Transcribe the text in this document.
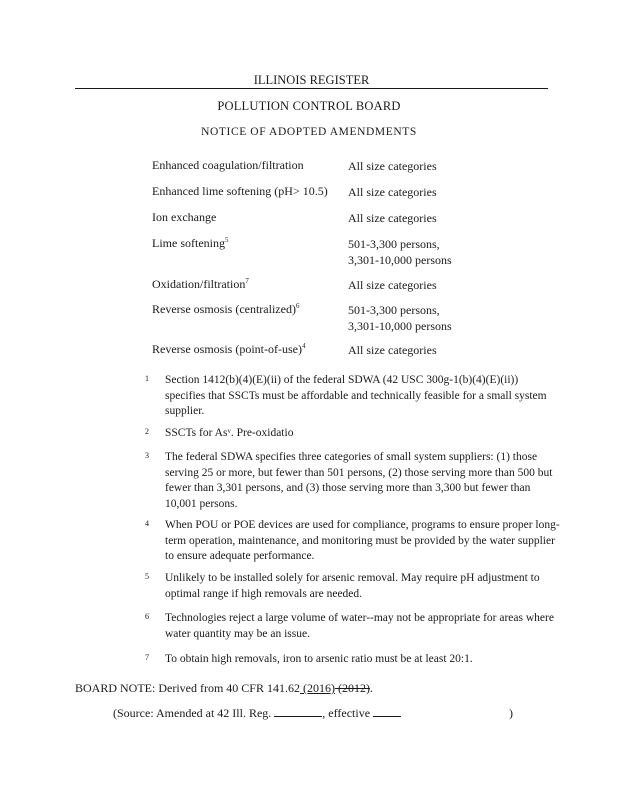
ILLINOIS REGISTER
POLLUTION CONTROL BOARD
NOTICE OF ADOPTED AMENDMENTS
Enhanced coagulation/filtration	All size categories
Enhanced lime softening (pH> 10.5) All size categories
Ion exchange	All size categories
Lime softening$^5$	501-3,300 persons,
3,301-10,000 persons
Oxidation/filtration$^7$	All size categories
Reverse osmosis (centralized)$^6$	501-3,300 persons,
3,301-10,000 persons
Reverse osmosis (point-of-use)$^4$	All size categories
1 Section 1412(b)(4)(E)(ii) of the federal SDWA (42 USC 300g-1(b)(4)(E)(ii)) specifies that SSCTs must be affordable and technically feasible for a small system supplier.
2 SSCTs for Asᵛ. Pre-oxidatio
3 The federal SDWA specifies three categories of small system suppliers: (1) those serving 25 or more, but fewer than 501 persons, (2) those serving more than 500 but fewer than 3,301 persons, and (3) those serving more than 3,300 but fewer than 10,001 persons.
4 When POU or POE devices are used for compliance, programs to ensure proper long-term operation, maintenance, and monitoring must be provided by the water supplier to ensure adequate performance.
5 Unlikely to be installed solely for arsenic removal. May require pH adjustment to optimal range if high removals are needed.
6 Technologies reject a large volume of water--may not be appropriate for areas where water quantity may be an issue.
7 To obtain high removals, iron to arsenic ratio must be at least 20:1.
BOARD NOTE: Derived from 40 CFR 141.62 (2016) (2012).
(Source: Amended at 42 Ill. Reg.	, effective	)
